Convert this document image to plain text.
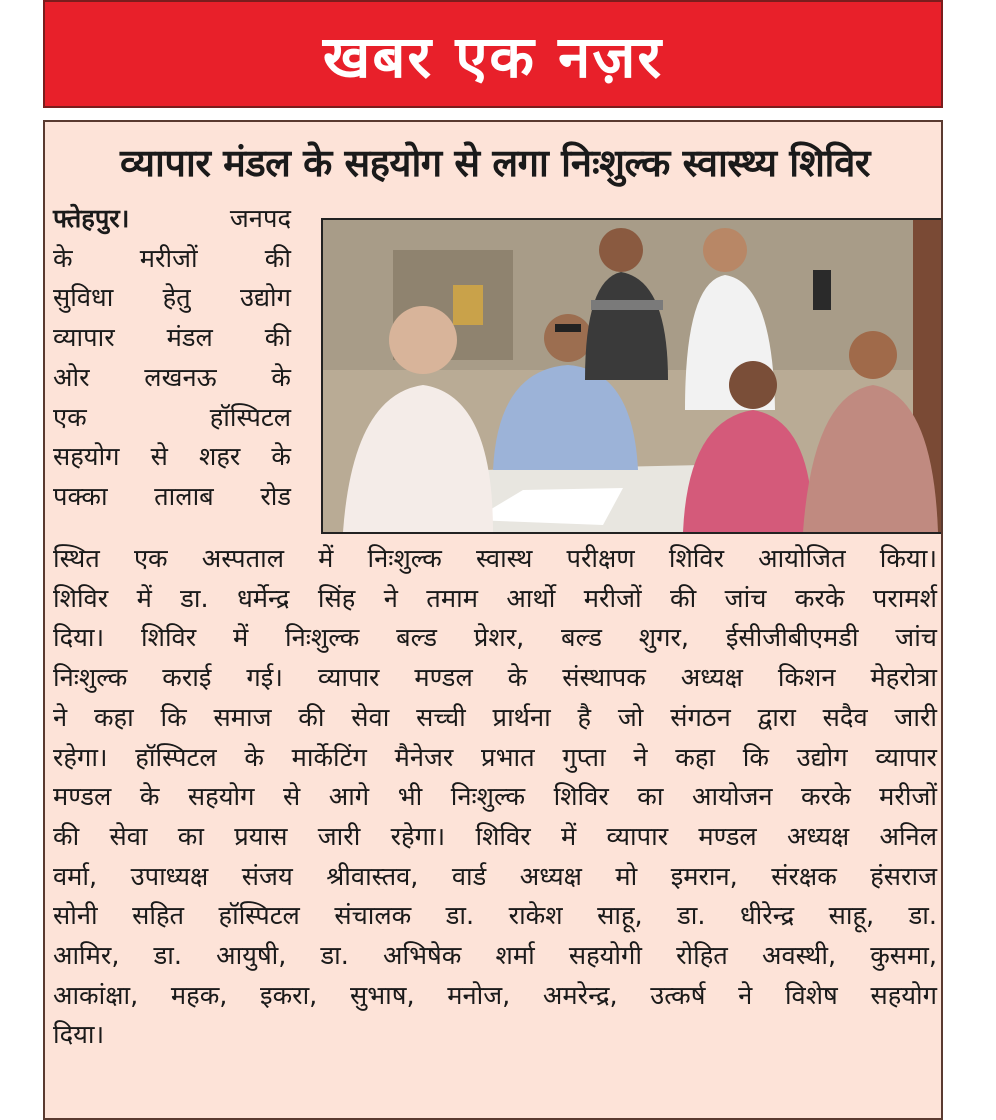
खबर एक नज़र
व्यापार मंडल के सहयोग से लगा निःशुल्क स्वास्थ्य शिविर
फ्तेहपुर।	जनपद
के मरीजों की
सुविधा हेतु उद्योग
व्यापार मंडल की
ओर लखनऊ के
एक हॉस्पिटल
सहयोग से शहर के
पक्का तालाब रोड
स्थित एक अस्पताल में निःशुल्क स्वास्थ परीक्षण शिविर आयोजित किया।
शिविर में डा. धर्मेन्द्र सिंह ने तमाम आर्थो मरीजों की जांच करके परामर्श
दिया। शिविर में निःशुल्क बल्ड प्रेशर, बल्ड शुगर, ईसीजीबीएमडी जांच
निःशुल्क कराई गई। व्यापार मण्डल के संस्थापक अध्यक्ष किशन मेहरोत्रा
ने कहा कि समाज की सेवा सच्ची प्रार्थना है जो संगठन द्वारा सदैव जारी
रहेगा। हॉस्पिटल के मार्केटिंग मैनेजर प्रभात गुप्ता ने कहा कि उद्योग व्यापार
मण्डल के सहयोग से आगे भी निःशुल्क शिविर का आयोजन करके मरीजों
की सेवा का प्रयास जारी रहेगा। शिविर में व्यापार मण्डल अध्यक्ष अनिल
वर्मा, उपाध्यक्ष संजय श्रीवास्तव, वार्ड अध्यक्ष मो इमरान, संरक्षक हंसराज
सोनी सहित हॉस्पिटल संचालक डा. राकेश साहू, डा. धीरेन्द्र साहू, डा.
आमिर, डा. आयुषी, डा. अभिषेक शर्मा सहयोगी रोहित अवस्थी, कुसमा,
आकांक्षा, महक, इकरा, सुभाष, मनोज, अमरेन्द्र, उत्कर्ष ने विशेष सहयोग
दिया।
